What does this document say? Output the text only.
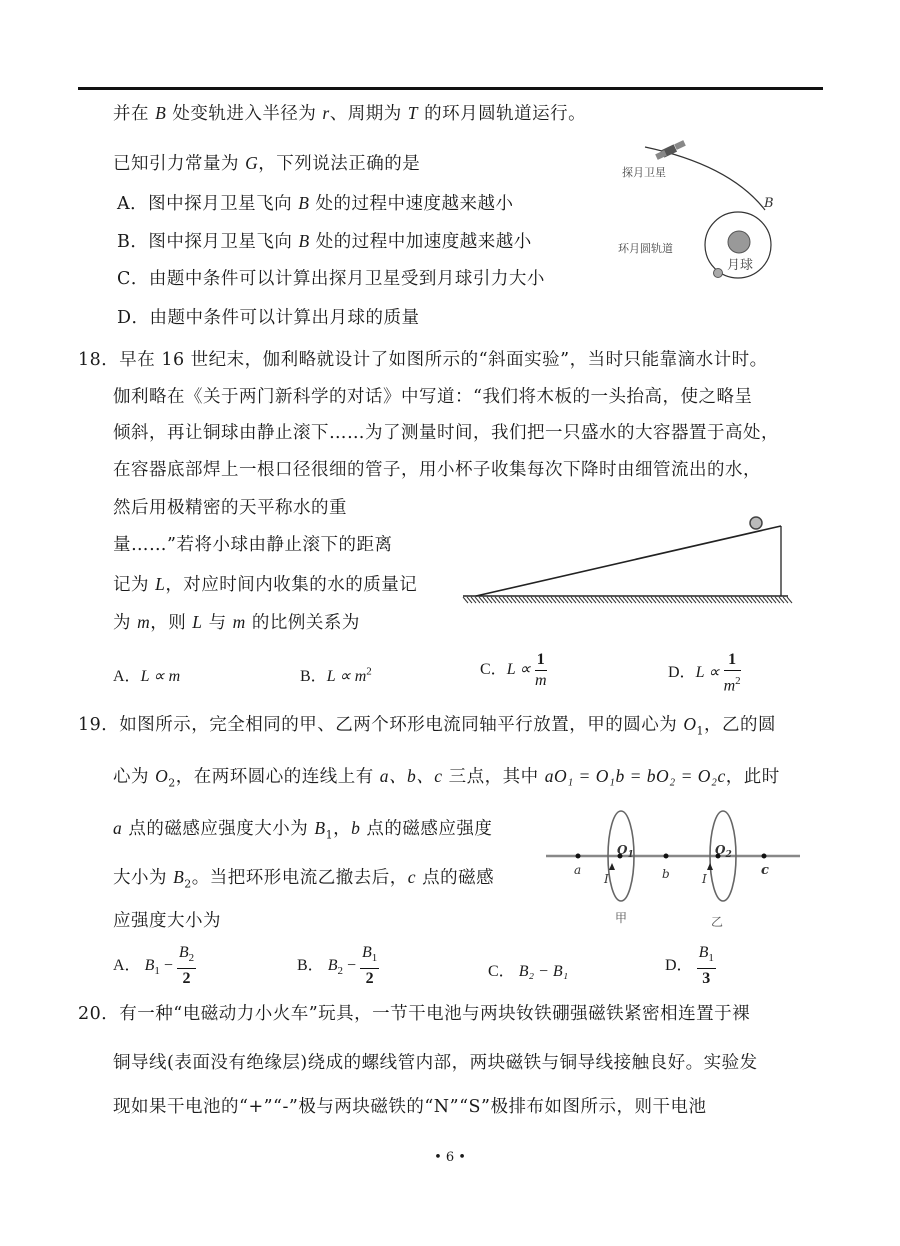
并在 B 处变轨进入半径为 r、周期为 T 的环月圆轨道运行。
已知引力常量为 G，下列说法正确的是
A．图中探月卫星飞向 B 处的过程中速度越来越小
B．图中探月卫星飞向 B 处的过程中加速度越来越小
C．由题中条件可以计算出探月卫星受到月球引力大小
D．由题中条件可以计算出月球的质量
探月卫星
月球
B
环月圆轨道
18．早在 16 世纪末，伽利略就设计了如图所示的“斜面实验”，当时只能靠滴水计时。
伽利略在《关于两门新科学的对话》中写道：“我们将木板的一头抬高，使之略呈
倾斜，再让铜球由静止滚下……为了测量时间，我们把一只盛水的大容器置于高处，
在容器底部焊上一根口径很细的管子，用小杯子收集每次下降时由细管流出的水，
然后用极精密的天平称水的重
量……”若将小球由静止滚下的距离
记为 L，对应时间内收集的水的质量记
为 m，则 L 与 m 的比例关系为
A．L ∝ m	B．$L \propto m^2$	C．$L \propto \frac{1}{m}$	D．$L \propto \frac{1}{m^2}$
19．如图所示，完全相同的甲、乙两个环形电流同轴平行放置，甲的圆心为 $O_1$，乙的圆
心为 $O_2$，在两环圆心的连线上有 a、b、c 三点，其中 aO₁ = O₁b = bO₂ = O₂c，此时
a 点的磁感应强度大小为 $B_1$，b 点的磁感应强度
大小为 $B_2$。当把环形电流乙撤去后，c 点的磁感
应强度大小为
a	b	c
$O_1$	$O_2$
I	I
甲	乙
A． $B_1 - \frac{B_2}{2}$	B． $B_2 - \frac{B_1}{2}$	C． B₂ − B₁	D． $\frac{B_1}{3}$
20．有一种“电磁动力小火车”玩具，一节干电池与两块钕铁硼强磁铁紧密相连置于裸
铜导线(表面没有绝缘层)绕成的螺线管内部，两块磁铁与铜导线接触良好。实验发
现如果干电池的“+”“-”极与两块磁铁的“N”“S”极排布如图所示，则干电池
• 6 •
